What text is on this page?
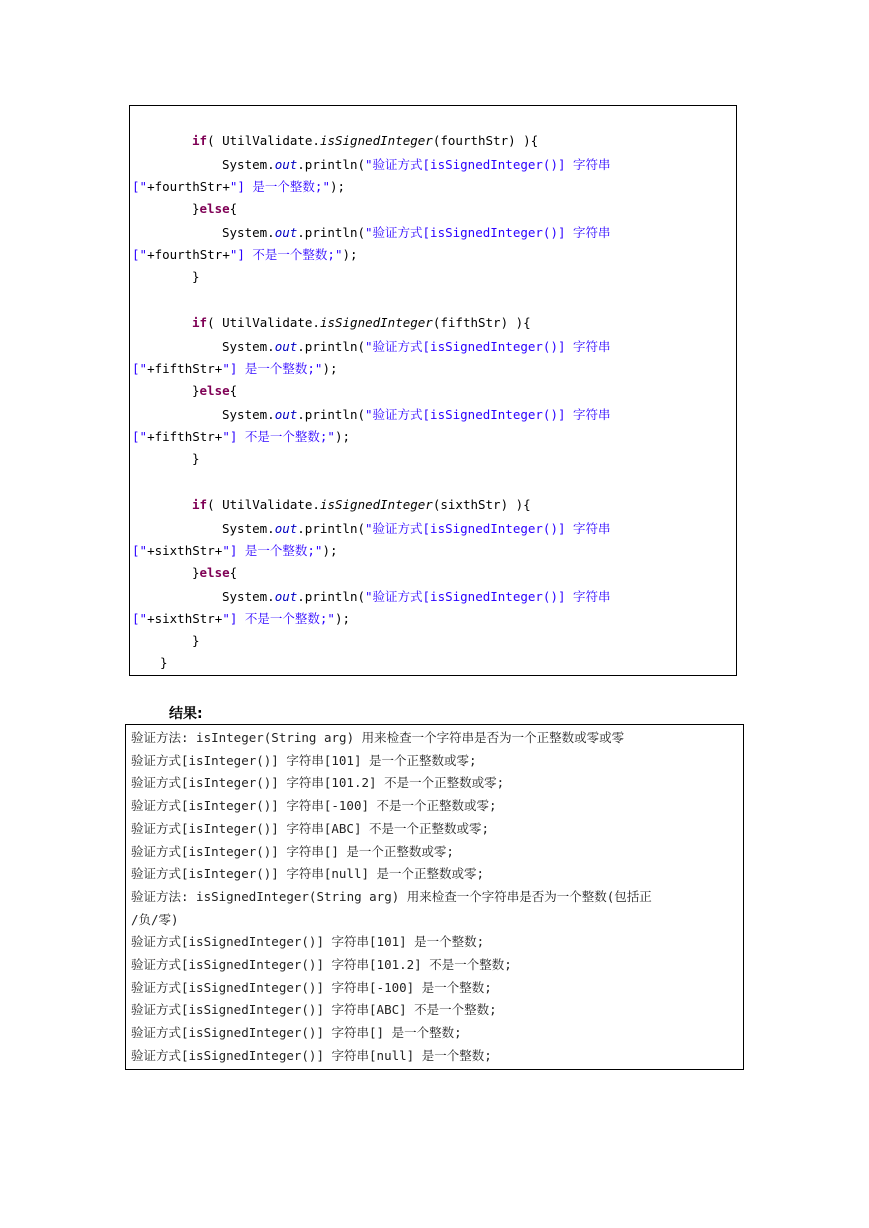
if( UtilValidate.isSignedInteger(fourthStr) ){
System.out.println("验证方式[isSignedInteger()] 字符串
["+fourthStr+"] 是一个整数;");
}else{
System.out.println("验证方式[isSignedInteger()] 字符串
["+fourthStr+"] 不是一个整数;");
}
if( UtilValidate.isSignedInteger(fifthStr) ){
System.out.println("验证方式[isSignedInteger()] 字符串
["+fifthStr+"] 是一个整数;");
}else{
System.out.println("验证方式[isSignedInteger()] 字符串
["+fifthStr+"] 不是一个整数;");
}
if( UtilValidate.isSignedInteger(sixthStr) ){
System.out.println("验证方式[isSignedInteger()] 字符串
["+sixthStr+"] 是一个整数;");
}else{
System.out.println("验证方式[isSignedInteger()] 字符串
["+sixthStr+"] 不是一个整数;");
}
}
结果:
验证方法: isInteger(String arg) 用来检查一个字符串是否为一个正整数或零或零
验证方式[isInteger()] 字符串[101] 是一个正整数或零;
验证方式[isInteger()] 字符串[101.2] 不是一个正整数或零;
验证方式[isInteger()] 字符串[-100] 不是一个正整数或零;
验证方式[isInteger()] 字符串[ABC] 不是一个正整数或零;
验证方式[isInteger()] 字符串[] 是一个正整数或零;
验证方式[isInteger()] 字符串[null] 是一个正整数或零;
验证方法: isSignedInteger(String arg) 用来检查一个字符串是否为一个整数(包括正
/负/零)
验证方式[isSignedInteger()] 字符串[101] 是一个整数;
验证方式[isSignedInteger()] 字符串[101.2] 不是一个整数;
验证方式[isSignedInteger()] 字符串[-100] 是一个整数;
验证方式[isSignedInteger()] 字符串[ABC] 不是一个整数;
验证方式[isSignedInteger()] 字符串[] 是一个整数;
验证方式[isSignedInteger()] 字符串[null] 是一个整数;
